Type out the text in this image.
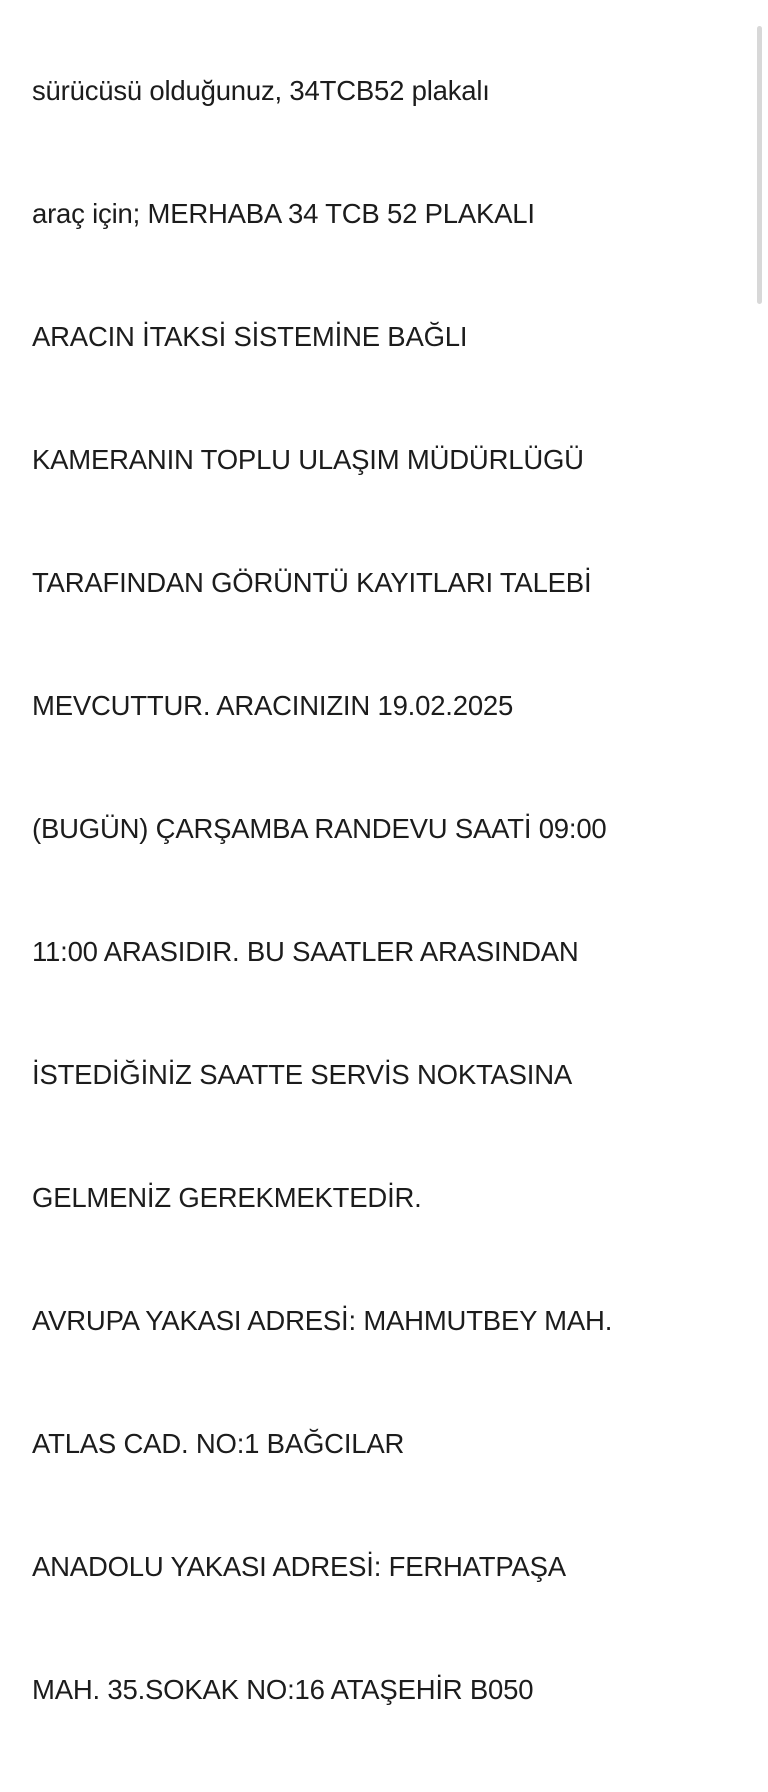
sürücüsü olduğunuz, 34TCB52 plakalı

araç için; MERHABA 34 TCB 52 PLAKALI

ARACIN İTAKSİ SİSTEMİNE BAĞLI

KAMERANIN TOPLU ULAŞIM MÜDÜRLÜGÜ

TARAFINDAN GÖRÜNTÜ KAYITLARI TALEBİ

MEVCUTTUR. ARACINIZIN 19.02.2025

(BUGÜN) ÇARŞAMBA RANDEVU SAATİ 09:00

11:00 ARASIDIR. BU SAATLER ARASINDAN

İSTEDİĞİNİZ SAATTE SERVİS NOKTASINA

GELMENİZ GEREKMEKTEDİR.

AVRUPA YAKASI ADRESİ: MAHMUTBEY MAH.

ATLAS CAD. NO:1 BAĞCILAR

ANADOLU YAKASI ADRESİ: FERHATPAŞA

MAH. 35.SOKAK NO:16 ATAŞEHİR B050
